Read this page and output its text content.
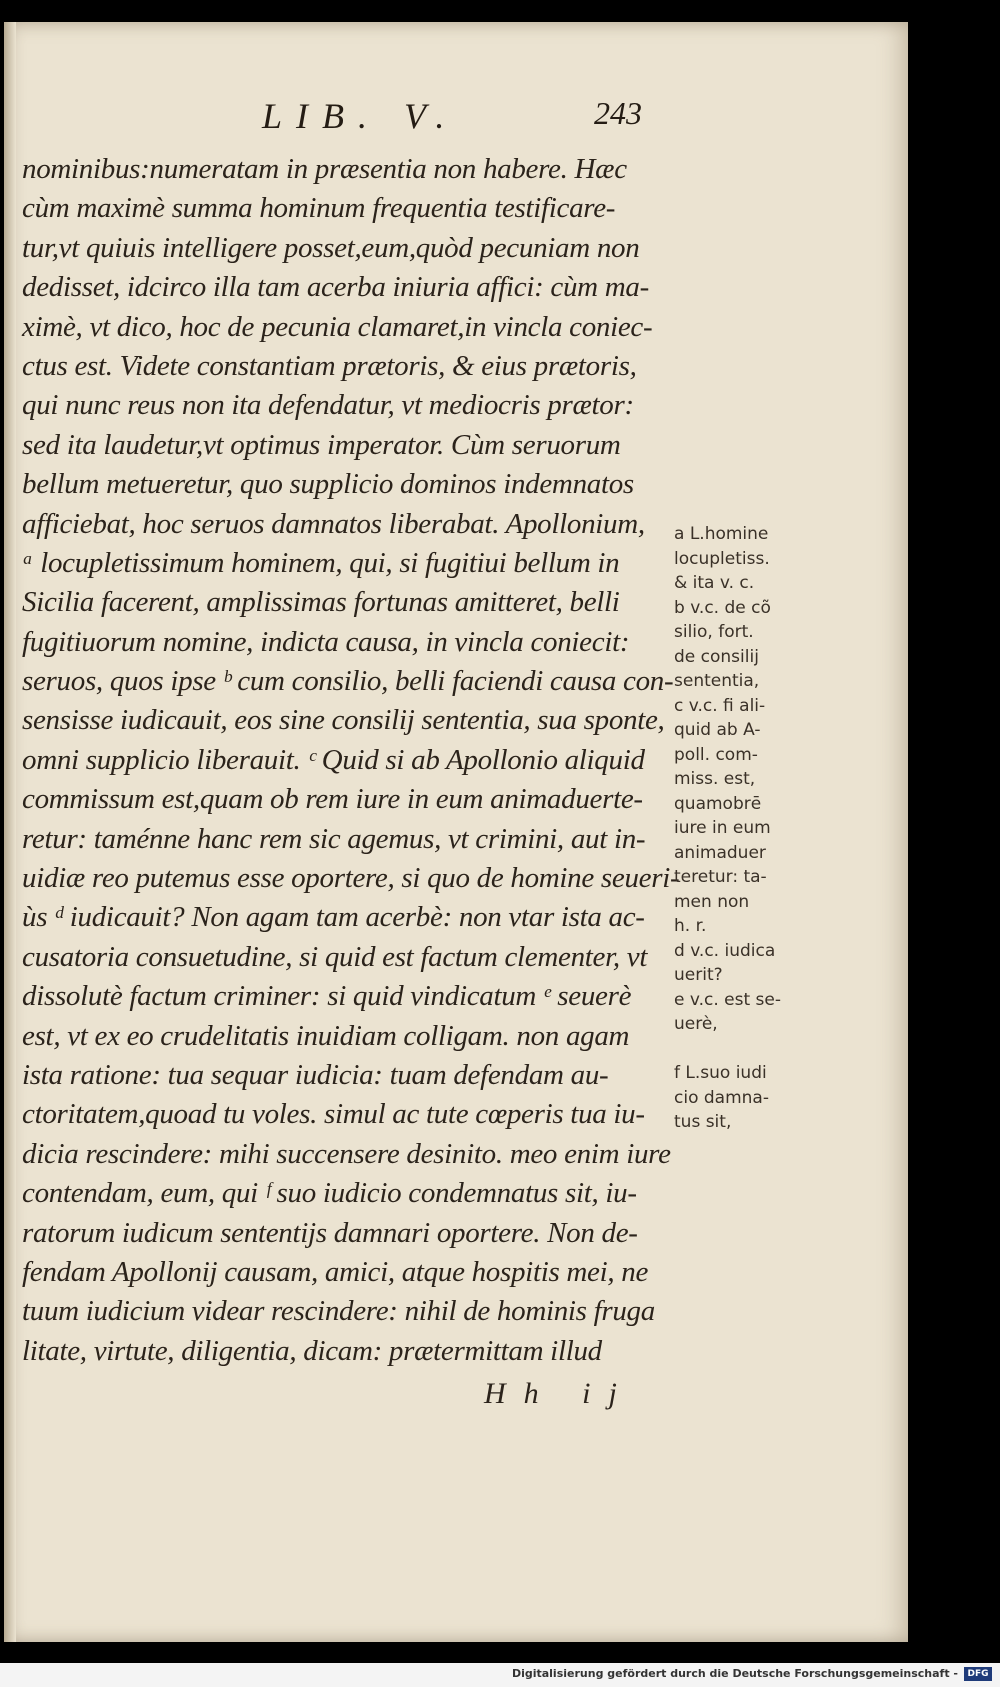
LIB. V.	243
nominibus:numeratam in præsentia non habere. Hæc
cùm maximè summa hominum frequentia testificare-
tur,vt quiuis intelligere posset,eum,quòd pecuniam non
dedisset, idcirco illa tam acerba iniuria affici: cùm ma-
ximè, vt dico, hoc de pecunia clamaret,in vincla coniec-
ctus est. Videte constantiam prætoris, & eius prætoris,
qui nunc reus non ita defendatur, vt mediocris prætor:
sed ita laudetur,vt optimus imperator. Cùm seruorum
bellum metueretur, quo supplicio dominos indemnatos
afficiebat, hoc seruos damnatos liberabat. Apollonium,
ᵃ locupletissimum hominem, qui, si fugitiui bellum in
Sicilia facerent, amplissimas fortunas amitteret, belli
fugitiuorum nomine, indicta causa, in vincla coniecit:
seruos, quos ipse ᵇ cum consilio, belli faciendi causa con-
sensisse iudicauit, eos sine consilij sententia, sua sponte,
omni supplicio liberauit. ᶜ Quid si ab Apollonio aliquid
commissum est,quam ob rem iure in eum animaduerte-
retur: taménne hanc rem sic agemus, vt crimini, aut in-
uidiæ reo putemus esse oportere, si quo de homine seueri-
ùs ᵈ iudicauit? Non agam tam acerbè: non vtar ista ac-
cusatoria consuetudine, si quid est factum clementer, vt
dissolutè factum criminer: si quid vindicatum ᵉ seuerè
est, vt ex eo crudelitatis inuidiam colligam. non agam
ista ratione: tua sequar iudicia: tuam defendam au-
ctoritatem,quoad tu voles. simul ac tute cœperis tua iu-
dicia rescindere: mihi succensere desinito. meo enim iure
contendam, eum, qui ᶠ suo iudicio condemnatus sit, iu-
ratorum iudicum sententijs damnari oportere. Non de-
fendam Apollonij causam, amici, atque hospitis mei, ne
tuum iudicium videar rescindere: nihil de hominis fruga
litate, virtute, diligentia, dicam: prætermittam illud
a L.homine
locupletiss.
& ita v. c.
b v.c. de cõ
silio, fort.
de consilij
sententia,
c v.c. fi ali-
quid ab A-
poll. com-
miss. est,
quamobrē
iure in eum
animaduer
teretur: ta-
men non
h. r.
d v.c. iudica
uerit?
e v.c. est se-
uerè,
f L.suo iudi
cio damna-
tus sit,
Hh ij
Digitalisierung gefördert durch die Deutsche Forschungsgemeinschaft -	DFG
